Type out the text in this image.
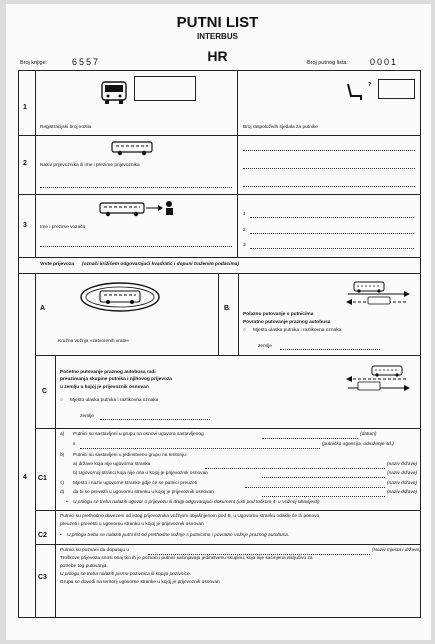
PUTNI LIST
INTERBUS
HR
Broj knjige:	6557	Broj putnog lista: 0001
1
?
Registracijski broj vozila	Broj raspoloživih sjedala za putnike
2	Naziv prijevoznika ili ime i prezime prijevoznika
3	Ime i prezime vozača
1
2
3
Vrste prijevoza (označi križićem odgovarajući kvadratić i dopuni traženim podacima)
4
A
Kružna vožnja »zatvorenih vrata«
B
Polazno putovanje s putnicima
Povratno putovanje praznog autobusa
○ Mjesto ulaska putnika i razlikovna oznaka
zemlje
C
Početno putovanje praznog autobusa radi
preuzimanja skupine putnika i njihovog prijevoza
u zemlju u kojoj je prijevoznik osnovan
○ Mjesto ulaska putnika i razlikovna oznaka
zemlje
C1
a) Putnici su sastavljeni u grupu na osnovi ugovora sastavljenog	(datum)
s	(putnička agencija, udruženje itd.)
b) Putnici su sastavljeni u jedinstvenu grupu na teritoriju:
a) države koja nije ugovorna stranka	(naziv države)
b) Ugovornoj stranci koja nije ona u kojoj je prijevoznik osnovan	(naziv države)
c) Mjesto i naziv ugovorne stranke gdje će se putnici preuzeti	(naziv države)
d) da bi se prevezli u ugovornu stranku u kojoj je prijevoznik osnovan	(naziv države)
• U prilogu se treba nalaziti ugovor o prijevozu ili drugi odgovarajući dokument (vidi pod točkom 4. u Važnoj obavijesti)
C2
Putnici su prethodno dovezeni od istog prijevoznika vožnjom objašnjenom pod B, u Ugovornu stranku odakle će ih ponovo
preuzeti i prevesti u ugovornu stranku u kojoj je prijevoznik osnovan
• U prilogu treba se nalaziti putni list od prethodne vožnje s putnicima i povratne vožnje praznog autobusa.
C3
Putnici su pozvani da doputuju u	(Naziv mjesta i države)
Troškove prijevoza snosi onaj tko ih je pozvao i putnici sačinjavaju jedinstvenu skupinu, koja nije sačinjena isključivo za
potrebe tog putovanja.
U prilogu se treba nalaziti pismo-pozivnica ili kopija pozivnice.
Grupa se dovodi na teritorij ugovorne stranke u kojoj je prijevoznik osnovan
